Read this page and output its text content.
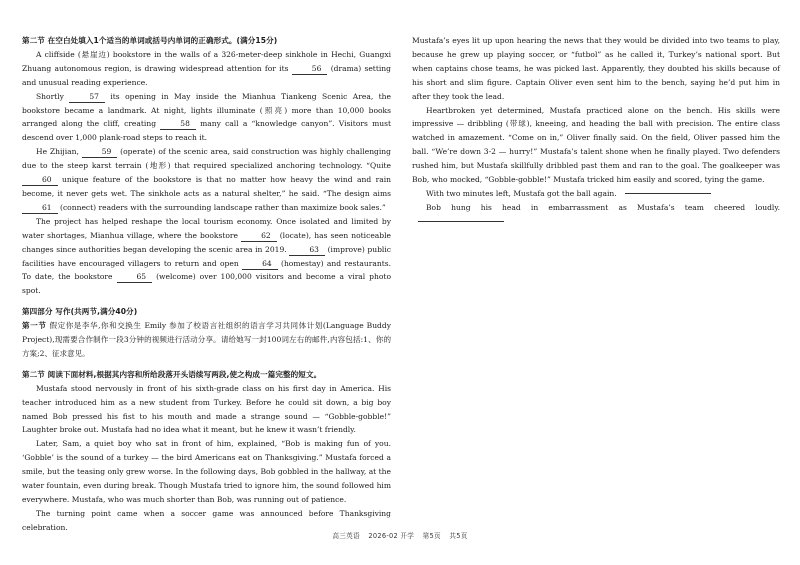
第二节 在空白处填入1个适当的单词或括号内单词的正确形式。(满分15分)

A cliffside (悬崖边) bookstore in the walls of a 326-meter-deep sinkhole in Hechi, Guangxi Zhuang autonomous region, is drawing widespread attention for its	56 (drama) setting and unusual reading experience.

Shortly	57 its opening in May inside the Mianhua Tiankeng Scenic Area, the bookstore became a landmark. At night, lights illuminate (照亮) more than 10,000 books arranged along the cliff, creating	58 many call a “knowledge canyon”. Visitors must descend over 1,000 plank-road steps to reach it.

He Zhijian,	59 (operate) of the scenic area, said construction was highly challenging due to the steep karst terrain (地形) that required specialized anchoring technology. “Quite 60 unique feature of the bookstore is that no matter how heavy the wind and rain become, it never gets wet. The sinkhole acts as a natural shelter,” he said. “The design aims 61 (connect) readers with the surrounding landscape rather than maximize book sales.”

The project has helped reshape the local tourism economy. Once isolated and limited by water shortages, Mianhua village, where the bookstore	62 (locate), has seen noticeable changes since authorities began developing the scenic area in 2019.	63 (improve) public facilities have encouraged villagers to return and open	64 (homestay) and restaurants. To date, the bookstore	65 (welcome) over 100,000 visitors and become a viral photo spot.

第四部分 写作(共两节,满分40分)

第一节 假定你是李华,你和交换生 Emily 参加了校语言社组织的语言学习共同体计划(Language Buddy Project),现需要合作制作一段3分钟的视频进行活动分享。请给她写一封100词左右的邮件,内容包括:1、你的方案;2、征求意见。

第二节 阅读下面材料,根据其内容和所给段落开头语续写两段,使之构成一篇完整的短文。

Mustafa stood nervously in front of his sixth-grade class on his first day in America. His teacher introduced him as a new student from Turkey. Before he could sit down, a big boy named Bob pressed his fist to his mouth and made a strange sound — “Gobble-gobble!” Laughter broke out. Mustafa had no idea what it meant, but he knew it wasn’t friendly.

Later, Sam, a quiet boy who sat in front of him, explained, “Bob is making fun of you. ‘Gobble’ is the sound of a turkey — the bird Americans eat on Thanksgiving.” Mustafa forced a smile, but the teasing only grew worse. In the following days, Bob gobbled in the hallway, at the water fountain, even during break. Though Mustafa tried to ignore him, the sound followed him everywhere. Mustafa, who was much shorter than Bob, was running out of patience.

The turning point came when a soccer game was announced before Thanksgiving celebration.

Mustafa’s eyes lit up upon hearing the news that they would be divided into two teams to play, because he grew up playing soccer, or “futbol” as he called it, Turkey’s national sport. But when captains chose teams, he was picked last. Apparently, they doubted his skills because of his short and slim figure. Captain Oliver even sent him to the bench, saying he’d put him in after they took the lead.

Heartbroken yet determined, Mustafa practiced alone on the bench. His skills were impressive — dribbling (带球), kneeing, and heading the ball with precision. The entire class watched in amazement. “Come on in,” Oliver finally said. On the field, Oliver passed him the ball. “We’re down 3-2 — hurry!” Mustafa’s talent shone when he finally played. Two defenders rushed him, but Mustafa skillfully dribbled past them and ran to the goal. The goalkeeper was Bob, who mocked, “Gobble-gobble!” Mustafa tricked him easily and scored, tying the game.

With two minutes left, Mustafa got the ball again.

Bob hung his head in embarrassment as Mustafa’s team cheered loudly.

高三英语 2026-02 开学 第5页 共5页
